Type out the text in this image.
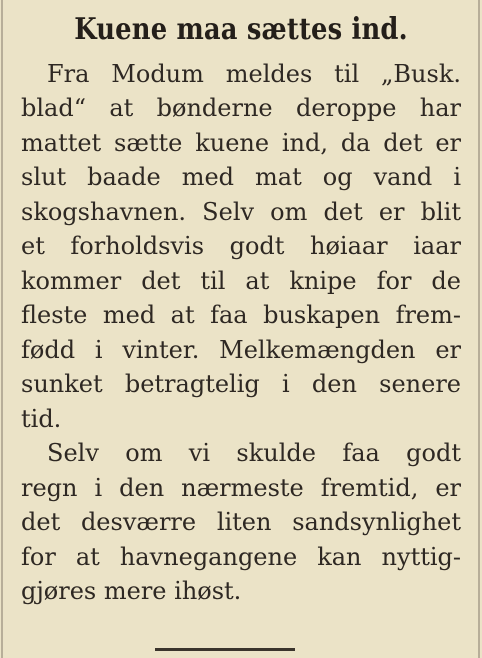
Kuene maa sættes ind.

Fra Modum meldes til „Busk.

blad“ at bønderne deroppe har

mattet sætte kuene ind, da det er

slut baade med mat og vand i

skogshavnen. Selv om det er blit

et forholdsvis godt høiaar iaar

kommer det til at knipe for de

fleste med at faa buskapen frem-

fødd i vinter. Melkemængden er

sunket betragtelig i den senere

tid.

Selv om vi skulde faa godt

regn i den nærmeste fremtid, er

det desværre liten sandsynlighet

for at havnegangene kan nyttig-

gjøres mere ihøst.
